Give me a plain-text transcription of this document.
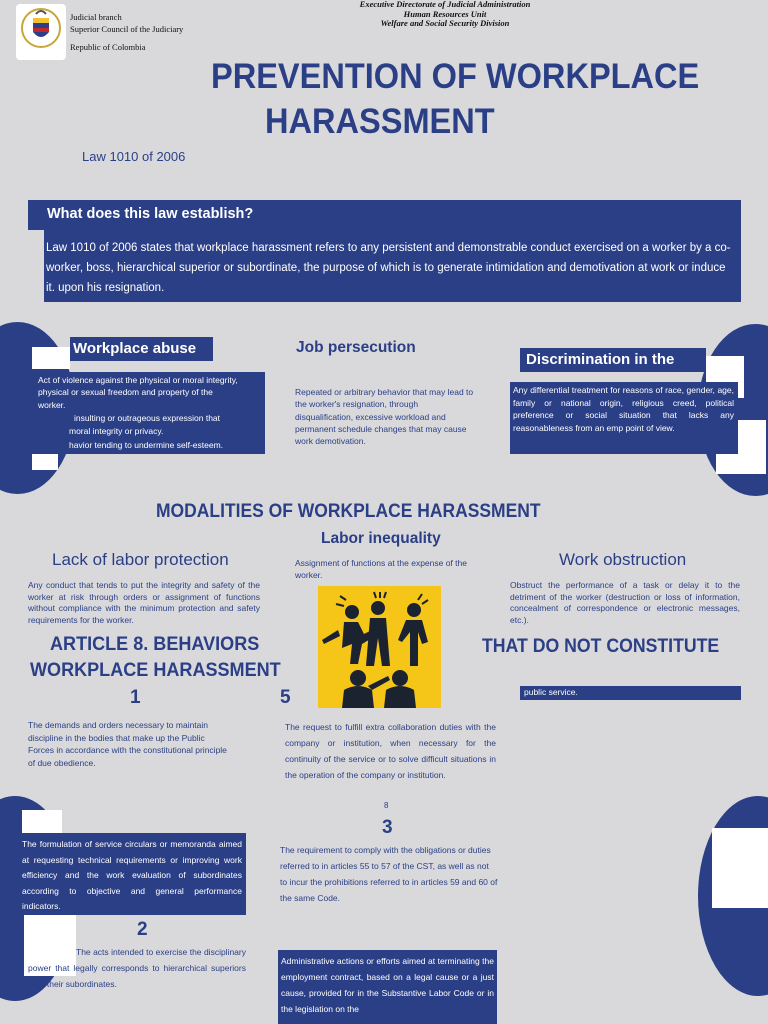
Judicial branch
Superior Council of the Judiciary
Republic of Colombia
Executive Directorate of Judicial Administration
Human Resources Unit
Welfare and Social Security Division
PREVENTION OF WORKPLACE
HARASSMENT
Law 1010 of 2006
What does this law establish?
Law 1010 of 2006 states that workplace harassment refers to any persistent and demonstrable conduct exercised on a worker by a co-worker, boss, hierarchical superior or subordinate, the purpose of which is to generate intimidation and demotivation at work or induce it. upon his resignation.
Workplace abuse
Act of violence against the physical or moral integrity,
physical or sexual freedom and property of the
worker.
insulting or outrageous expression that
moral integrity or privacy.
havior tending to undermine self-esteem.
Job persecution
Repeated or arbitrary behavior that may lead to the worker's resignation, through disqualification, excessive workload and permanent schedule changes that may cause work demotivation.
Discrimination in the
Any differential treatment for reasons of race, gender, age, family or national origin, religious creed, political preference or social situation that lacks any reasonableness from an emp point of view.
MODALITIES OF WORKPLACE HARASSMENT
Labor inequality
Assignment of functions at the expense of the worker.
Lack of labor protection
Any conduct that tends to put the integrity and safety of the worker at risk through orders or assignment of functions without compliance with the minimum protection and safety requirements for the worker.
Work obstruction
Obstruct the performance of a task or delay it to the detriment of the worker (destruction or loss of information, concealment of correspondence or electronic messages, etc.).
ARTICLE 8. BEHAVIORS
WORKPLACE HARASSMENT
THAT DO NOT CONSTITUTE
public service.
1
The demands and orders necessary to maintain discipline in the bodies that make up the Public Forces in accordance with the constitutional principle of due obedience.
5
The request to fulfill extra collaboration duties with the company or institution, when necessary for the continuity of the service or to solve difficult situations in the operation of the company or institution.
8
3
The requirement to comply with the obligations or duties referred to in articles 55 to 57 of the CST, as well as not to incur the prohibitions referred to in articles 59 and 60 of the same Code.
The formulation of service circulars or memoranda aimed at requesting technical requirements or improving work efficiency and the work evaluation of subordinates according to objective and general performance indicators.
2
The acts intended to exercise the disciplinary power that legally corresponds to hierarchical superiors over their subordinates.
Administrative actions or efforts aimed at terminating the employment contract, based on a legal cause or a just cause, provided for in the Substantive Labor Code or in the legislation on the
